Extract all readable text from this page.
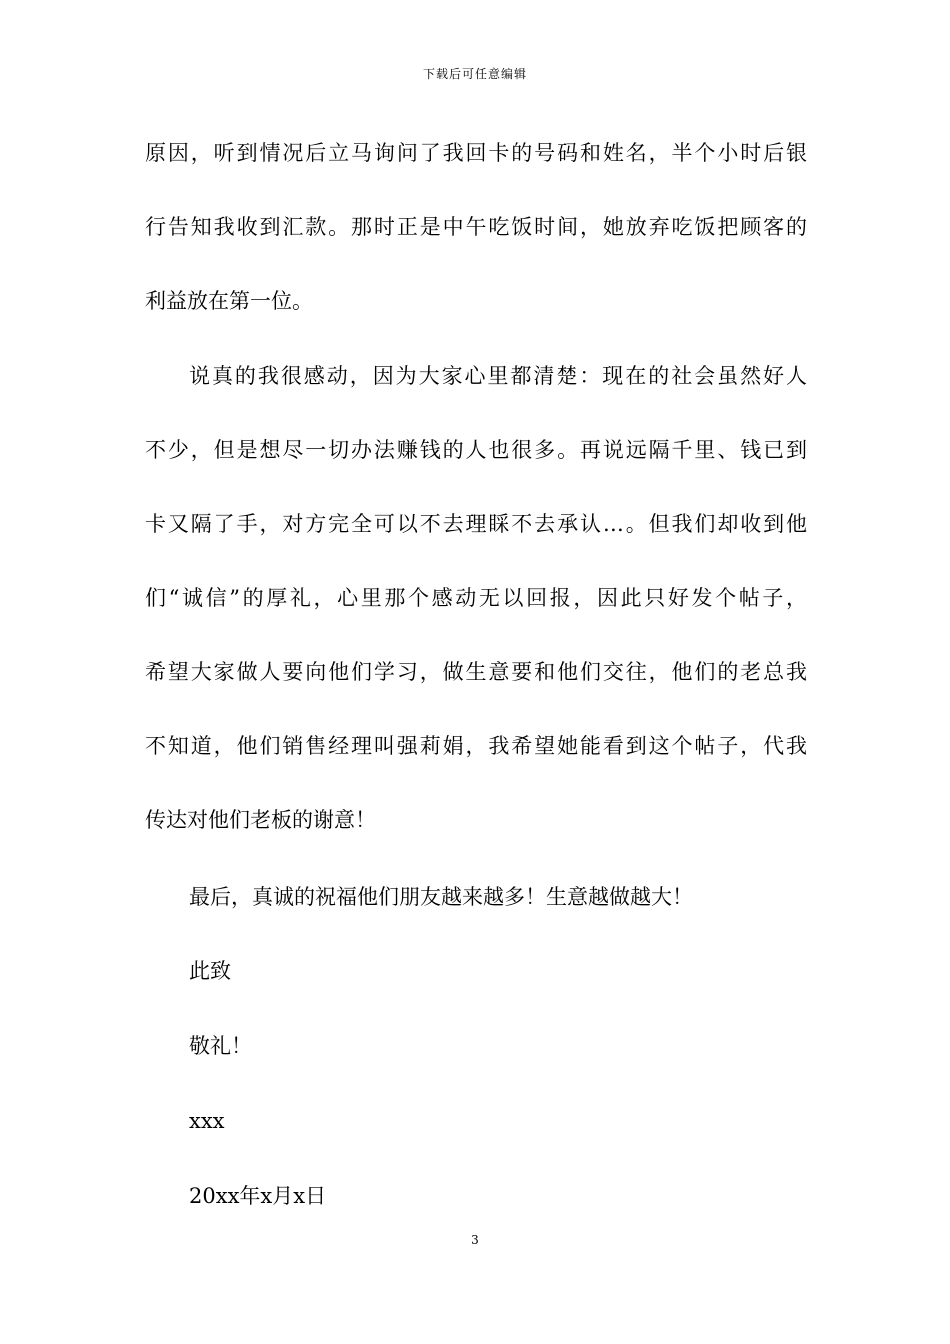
下载后可任意编辑
原因，听到情况后立马询问了我回卡的号码和姓名，半个小时后银
行告知我收到汇款。那时正是中午吃饭时间，她放弃吃饭把顾客的
利益放在第一位。
说真的我很感动，因为大家心里都清楚：现在的社会虽然好人
不少，但是想尽一切办法赚钱的人也很多。再说远隔千里、钱已到
卡又隔了手，对方完全可以不去理睬不去承认…。但我们却收到他
们“诚信”的厚礼，心里那个感动无以回报，因此只好发个帖子，
希望大家做人要向他们学习，做生意要和他们交往，他们的老总我
不知道，他们销售经理叫强莉娟，我希望她能看到这个帖子，代我
传达对他们老板的谢意！
最后，真诚的祝福他们朋友越来越多！生意越做越大！
此致
敬礼！
xxx
20xx年x月x日
3
